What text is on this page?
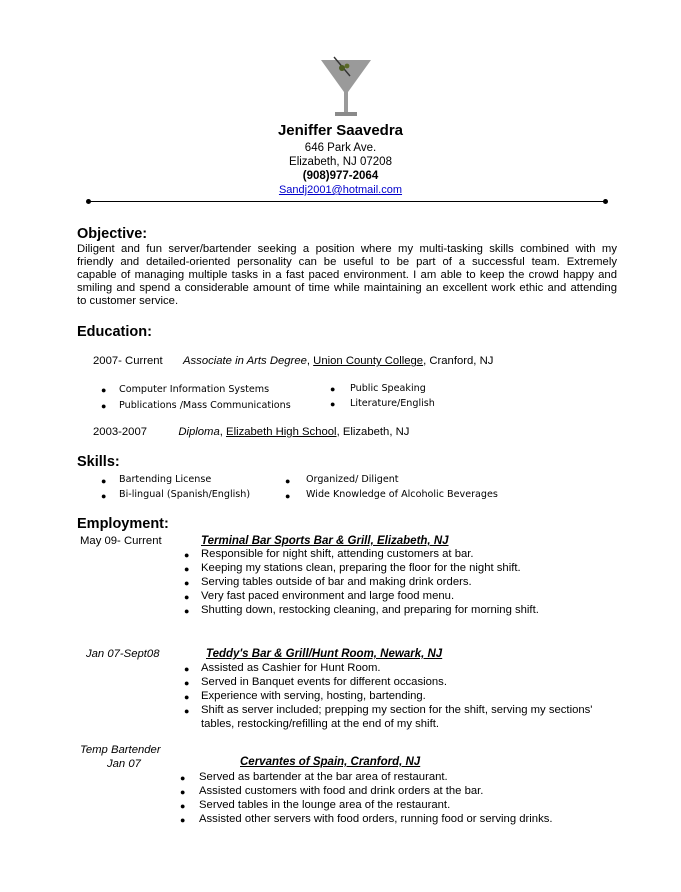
Jeniffer Saavedra
646 Park Ave.
Elizabeth, NJ 07208
(908)977-2064
Sandj2001@hotmail.com
Objective:
Diligent and fun server/bartender seeking a position where my multi-tasking skills combined with my
friendly and detailed-oriented personality can be useful to be part of a successful team. Extremely
capable of managing multiple tasks in a fast paced environment. I am able to keep the crowd happy and
smiling and spend a considerable amount of time while maintaining an excellent work ethic and attending
to customer service.
Education:
2007- Current Associate in Arts Degree, Union County College, Cranford, NJ
● Computer Information Systems
● Publications /Mass Communications
● Public Speaking
● Literature/English
2003-2007	Diploma, Elizabeth High School, Elizabeth, NJ
Skills:
● Bartending License
● Bi-lingual (Spanish/English)
● Organized/ Diligent
● Wide Knowledge of Alcoholic Beverages
Employment:
May 09- Current	Terminal Bar Sports Bar & Grill, Elizabeth, NJ
● Responsible for night shift, attending customers at bar.
● Keeping my stations clean, preparing the floor for the night shift.
● Serving tables outside of bar and making drink orders.
● Very fast paced environment and large food menu.
● Shutting down, restocking cleaning, and preparing for morning shift.
Jan 07-Sept08	Teddy's Bar & Grill/Hunt Room, Newark, NJ
● Assisted as Cashier for Hunt Room.
● Served in Banquet events for different occasions.
● Experience with serving, hosting, bartending.
● Shift as server included; prepping my section for the shift, serving my sections'
tables, restocking/refilling at the end of my shift.
Temp Bartender
Jan 07	Cervantes of Spain, Cranford, NJ
● Served as bartender at the bar area of restaurant.
● Assisted customers with food and drink orders at the bar.
● Served tables in the lounge area of the restaurant.
● Assisted other servers with food orders, running food or serving drinks.
